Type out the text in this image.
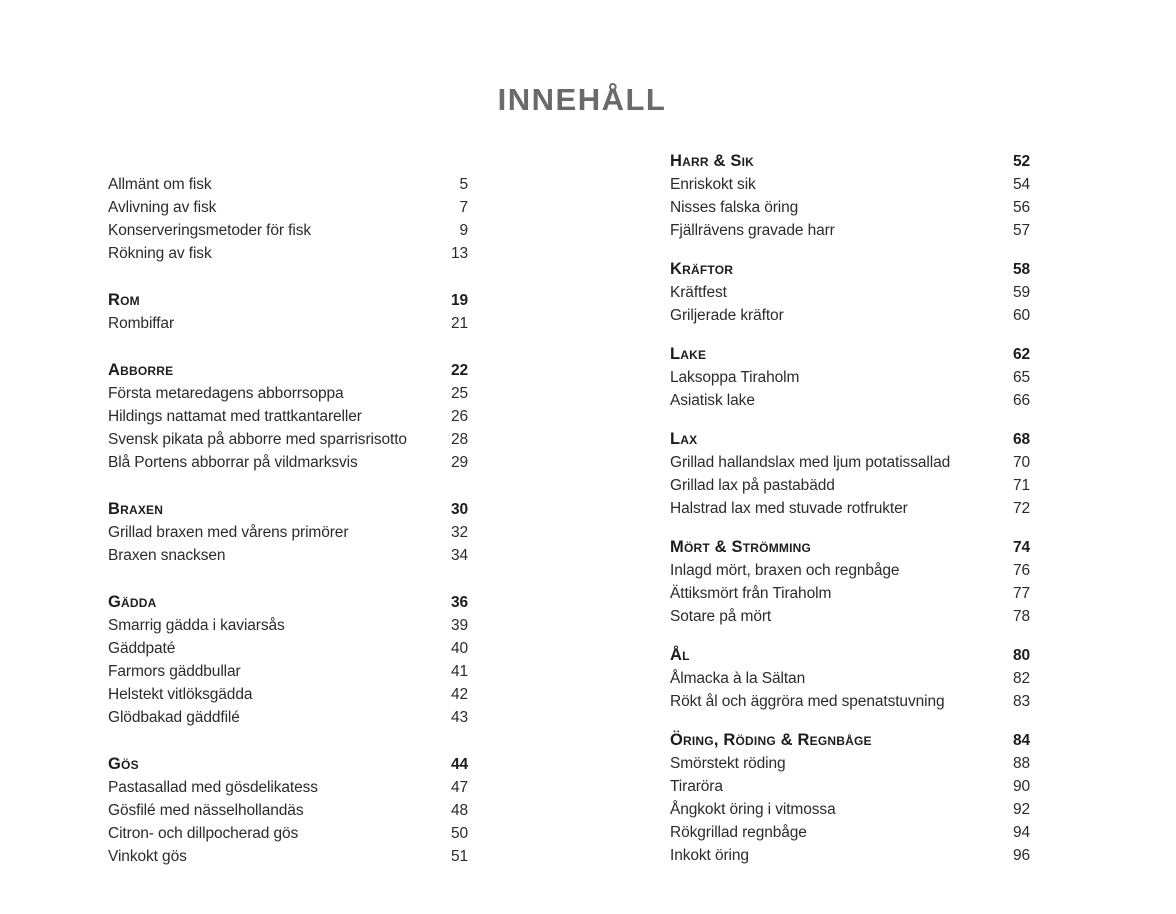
INNEHÅLL
Allmänt om fisk	5
Avlivning av fisk	7
Konserveringsmetoder för fisk	9
Rökning av fisk	13
Rom	19
Rombiffar	21
Abborre	22
Första metaredagens abborrsoppa	25
Hildings nattamat med trattkantareller	26
Svensk pikata på abborre med sparrisrisotto	28
Blå Portens abborrar på vildmarksvis	29
Braxen	30
Grillad braxen med vårens primörer	32
Braxen snacksen	34
Gädda	36
Smarrig gädda i kaviarsås	39
Gäddpaté	40
Farmors gäddbullar	41
Helstekt vitlöksgädda	42
Glödbakad gäddfilé	43
Gös	44
Pastasallad med gösdelikatess	47
Gösfilé med nässelhollandäs	48
Citron- och dillpocherad gös	50
Vinkokt gös	51
Harr & Sik	52
Enriskokt sik	54
Nisses falska öring	56
Fjällrävens gravade harr	57
Kräftor	58
Kräftfest	59
Griljerade kräftor	60
Lake	62
Laksoppa Tiraholm	65
Asiatisk lake	66
Lax	68
Grillad hallandslax med ljum potatissallad	70
Grillad lax på pastabädd	71
Halstrad lax med stuvade rotfrukter	72
Mört & Strömming	74
Inlagd mört, braxen och regnbåge	76
Ättiksmört från Tiraholm	77
Sotare på mört	78
Ål	80
Ålmacka à la Sältan	82
Rökt ål och äggröra med spenatstuvning	83
Öring, Röding & Regnbåge	84
Smörstekt röding	88
Tiraröra	90
Ångkokt öring i vitmossa	92
Rökgrillad regnbåge	94
Inkokt öring	96
